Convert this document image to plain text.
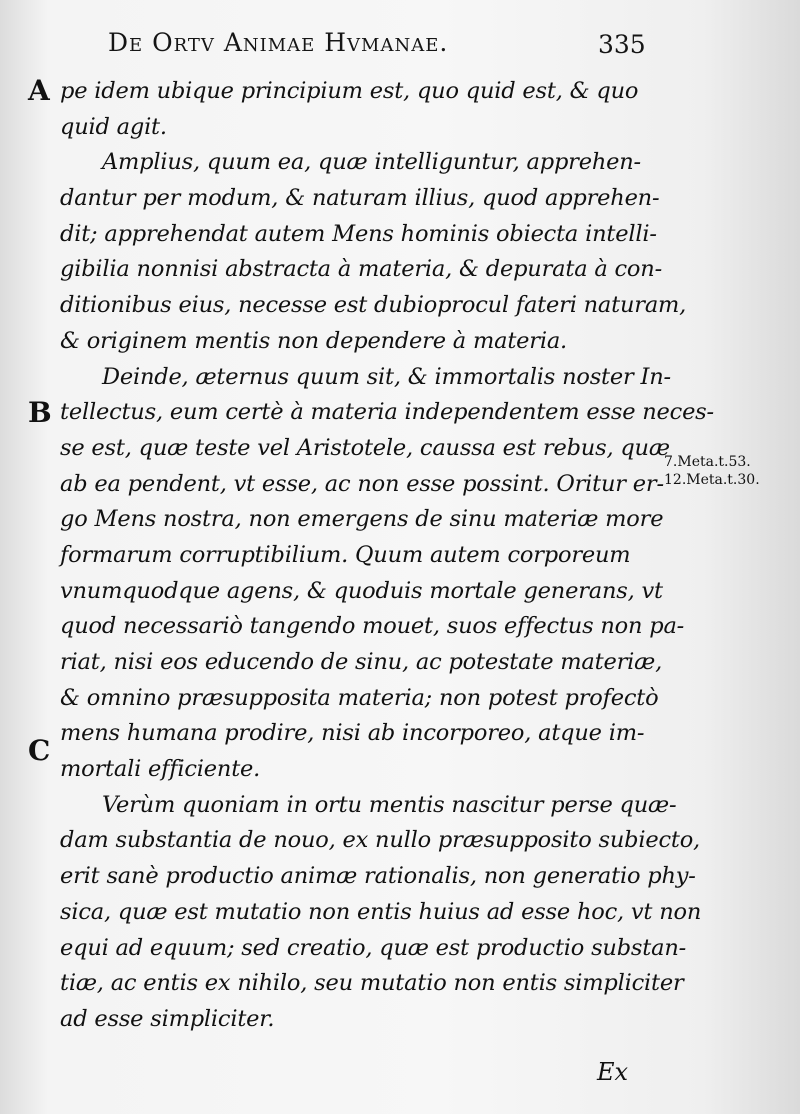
De Ortv Animae Hvmanae.	335
A
B
C
7.Meta.t.53.
12.Meta.t.30.
pe idem ubique principium est, quo quid est, & quo
quid agit.
Amplius, quum ea, quæ intelliguntur, apprehen-
dantur per modum, & naturam illius, quod apprehen-
dit; apprehendat autem Mens hominis obiecta intelli-
gibilia nonnisi abstracta à materia, & depurata à con-
ditionibus eius, necesse est dubioprocul fateri naturam,
& originem mentis non dependere à materia.
Deinde, æternus quum sit, & immortalis noster In-
tellectus, eum certè à materia independentem esse neces-
se est, quæ teste vel Aristotele, caussa est rebus, quæ
ab ea pendent, vt esse, ac non esse possint. Oritur er-
go Mens nostra, non emergens de sinu materiæ more
formarum corruptibilium. Quum autem corporeum
vnumquodque agens, & quoduis mortale generans, vt
quod necessariò tangendo mouet, suos effectus non pa-
riat, nisi eos educendo de sinu, ac potestate materiæ,
& omnino præsupposita materia; non potest profectò
mens humana prodire, nisi ab incorporeo, atque im-
mortali efficiente.
Verùm quoniam in ortu mentis nascitur perse quæ-
dam substantia de nouo, ex nullo præsupposito subiecto,
erit sanè productio animæ rationalis, non generatio phy-
sica, quæ est mutatio non entis huius ad esse hoc, vt non
equi ad equum; sed creatio, quæ est productio substan-
tiæ, ac entis ex nihilo, seu mutatio non entis simpliciter
ad esse simpliciter.
Ex
